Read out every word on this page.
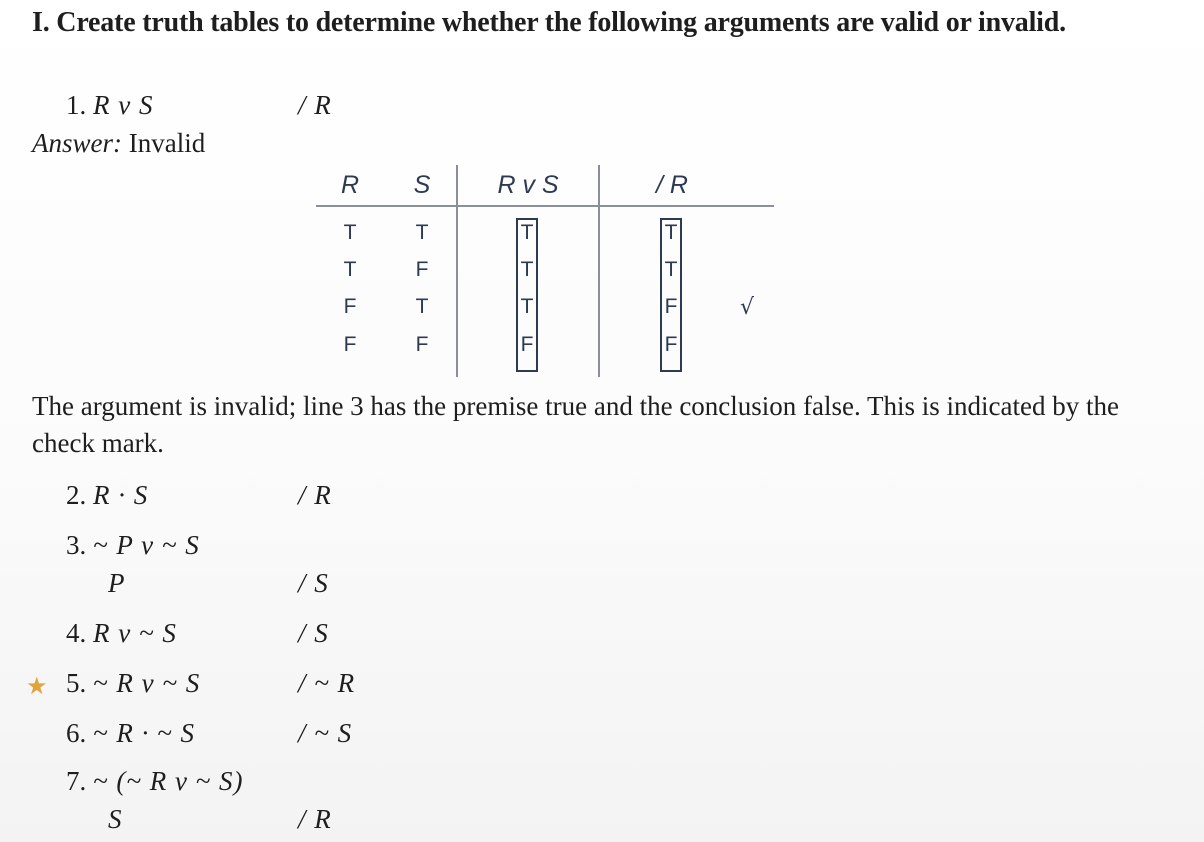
I. Create truth tables to determine whether the following arguments are valid or invalid.
1. R v S	/ R
Answer: Invalid
R S	R v S	/ R
T	T	T	T
T	F	T	T
F	T	T	F	√
F	F	F	F
The argument is invalid; line 3 has the premise true and the conclusion false. This is indicated by the check mark.
2. R · S	/ R
3. ~ P v ~ S
P	/ S
4. R v ~ S	/ S
★ 5. ~ R v ~ S	/ ~ R
6. ~ R · ~ S	/ ~ S
7. ~ (~ R v ~ S)
S	/ R
